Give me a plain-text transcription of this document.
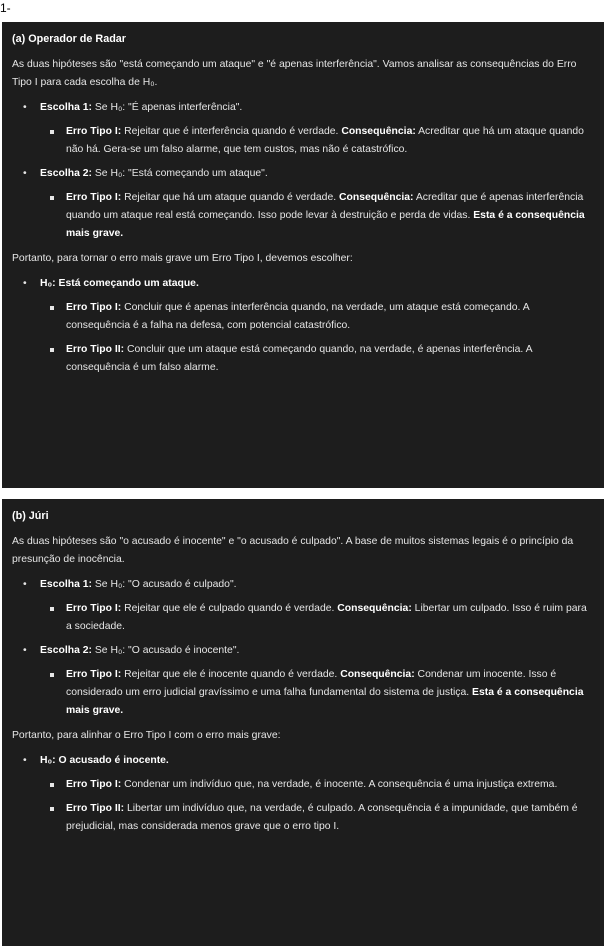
1-
(a) Operador de Radar

As duas hipóteses são "está começando um ataque" e "é apenas interferência". Vamos analisar as consequências do Erro Tipo I para cada escolha de H₀.

• Escolha 1: Se H₀: "É apenas interferência".
Erro Tipo I: Rejeitar que é interferência quando é verdade. Consequência: Acreditar que há um ataque quando não há. Gera-se um falso alarme, que tem custos, mas não é catastrófico.
• Escolha 2: Se H₀: "Está começando um ataque".
Erro Tipo I: Rejeitar que há um ataque quando é verdade. Consequência: Acreditar que é apenas interferência quando um ataque real está começando. Isso pode levar à destruição e perda de vidas. Esta é a consequência mais grave.

Portanto, para tornar o erro mais grave um Erro Tipo I, devemos escolher:

• H₀: Está começando um ataque.
Erro Tipo I: Concluir que é apenas interferência quando, na verdade, um ataque está começando. A consequência é a falha na defesa, com potencial catastrófico.
Erro Tipo II: Concluir que um ataque está começando quando, na verdade, é apenas interferência. A consequência é um falso alarme.
(b) Júri

As duas hipóteses são "o acusado é inocente" e "o acusado é culpado". A base de muitos sistemas legais é o princípio da presunção de inocência.

• Escolha 1: Se H₀: "O acusado é culpado".
Erro Tipo I: Rejeitar que ele é culpado quando é verdade. Consequência: Libertar um culpado. Isso é ruim para a sociedade.
• Escolha 2: Se H₀: "O acusado é inocente".
Erro Tipo I: Rejeitar que ele é inocente quando é verdade. Consequência: Condenar um inocente. Isso é considerado um erro judicial gravíssimo e uma falha fundamental do sistema de justiça. Esta é a consequência mais grave.

Portanto, para alinhar o Erro Tipo I com o erro mais grave:

• H₀: O acusado é inocente.
Erro Tipo I: Condenar um indivíduo que, na verdade, é inocente. A consequência é uma injustiça extrema.
Erro Tipo II: Libertar um indivíduo que, na verdade, é culpado. A consequência é a impunidade, que também é prejudicial, mas considerada menos grave que o erro tipo I.
